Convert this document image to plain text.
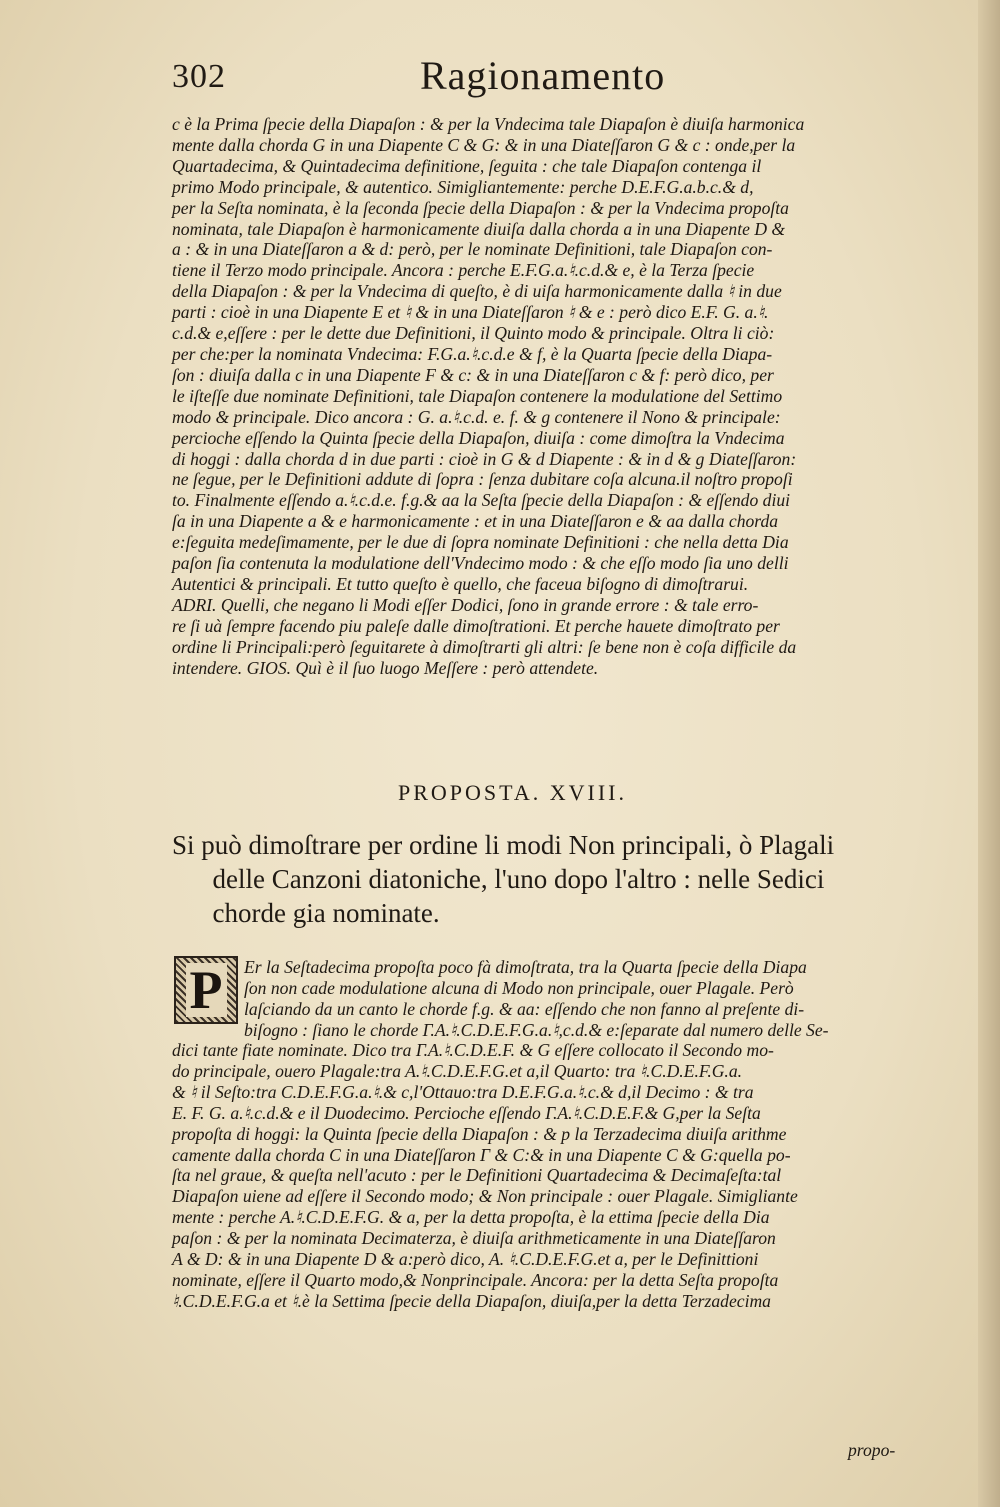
302	Ragionamento
c è la Prima ſpecie della Diapaſon : & per la Vndecima tale Diapaſon è diuiſa harmonica
mente dalla chorda G in una Diapente C & G: & in una Diateſſaron G & c : onde,per la
Quartadecima, & Quintadecima definitione, ſeguita : che tale Diapaſon contenga il
primo Modo principale, & autentico. Simigliantemente: perche D.E.F.G.a.b.c.& d,
per la Seſta nominata, è la ſeconda ſpecie della Diapaſon : & per la Vndecima propoſta
nominata, tale Diapaſon è harmonicamente diuiſa dalla chorda a in una Diapente D &
a : & in una Diateſſaron a & d: però, per le nominate Definitioni, tale Diapaſon con-
tiene il Terzo modo principale. Ancora : perche E.F.G.a.♮.c.d.& e, è la Terza ſpecie
della Diapaſon : & per la Vndecima di queſto, è di uiſa harmonicamente dalla ♮ in due
parti : cioè in una Diapente E et ♮ & in una Diateſſaron ♮ & e : però dico E.F. G. a.♮.
c.d.& e,eſſere : per le dette due Definitioni, il Quinto modo & principale. Oltra li ciò:
per che:per la nominata Vndecima: F.G.a.♮.c.d.e & f, è la Quarta ſpecie della Diapa-
ſon : diuiſa dalla c in una Diapente F & c: & in una Diateſſaron c & f: però dico, per
le iſteſſe due nominate Definitioni, tale Diapaſon contenere la modulatione del Settimo
modo & principale. Dico ancora : G. a.♮.c.d. e. f. & g contenere il Nono & principale:
percioche eſſendo la Quinta ſpecie della Diapaſon, diuiſa : come dimoſtra la Vndecima
di hoggi : dalla chorda d in due parti : cioè in G & d Diapente : & in d & g Diateſſaron:
ne ſegue, per le Definitioni addute di ſopra : ſenza dubitare coſa alcuna.il noſtro propoſi
to. Finalmente eſſendo a.♮.c.d.e. f.g.& aa la Seſta ſpecie della Diapaſon : & eſſendo diui
ſa in una Diapente a & e harmonicamente : et in una Diateſſaron e & aa dalla chorda
e:ſeguita medeſimamente, per le due di ſopra nominate Definitioni : che nella detta Dia
paſon ſia contenuta la modulatione dell'Vndecimo modo : & che eſſo modo ſia uno delli
Autentici & principali. Et tutto queſto è quello, che faceua biſogno di dimoſtrarui.
ADRI. Quelli, che negano li Modi eſſer Dodici, ſono in grande errore : & tale erro-
re ſi uà ſempre facendo piu paleſe dalle dimoſtrationi. Et perche hauete dimoſtrato per
ordine li Principali:però ſeguitarete à dimoſtrarti gli altri: ſe bene non è coſa difficile da
intendere. GIOS. Quì è il ſuo luogo Meſſere : però attendete.
PROPOSTA. XVIII.
Si può dimoſtrare per ordine li modi Non principali, ò Plagali
delle Canzoni diatoniche, l'uno dopo l'altro : nelle Sedici
chorde gia nominate.
P Er la Seſtadecima propoſta poco fà dimoſtrata, tra la Quarta ſpecie della Diapa
ſon non cade modulatione alcuna di Modo non principale, ouer Plagale. Però
laſciando da un canto le chorde f.g. & aa: eſſendo che non fanno al preſente di-
biſogno : ſiano le chorde Γ.A.♮.C.D.E.F.G.a.♮,c.d.& e:ſeparate dal numero delle Se-
dici tante fiate nominate. Dico tra Γ.A.♮.C.D.E.F. & G eſſere collocato il Secondo mo-
do principale, ouero Plagale:tra A.♮.C.D.E.F.G.et a,il Quarto: tra ♮.C.D.E.F.G.a.
& ♮ il Seſto:tra C.D.E.F.G.a.♮.& c,l'Ottauo:tra D.E.F.G.a.♮.c.& d,il Decimo : & tra
E. F. G. a.♮.c.d.& e il Duodecimo. Percioche eſſendo Γ.A.♮.C.D.E.F.& G,per la Seſta
propoſta di hoggi: la Quinta ſpecie della Diapaſon : & p la Terzadecima diuiſa arithme
camente dalla chorda C in una Diateſſaron Γ & C:& in una Diapente C & G:quella po-
ſta nel graue, & queſta nell'acuto : per le Definitioni Quartadecima & Decimaſeſta:tal
Diapaſon uiene ad eſſere il Secondo modo; & Non principale : ouer Plagale. Simigliante
mente : perche A.♮.C.D.E.F.G. & a, per la detta propoſta, è la ettima ſpecie della Dia
paſon : & per la nominata Decimaterza, è diuiſa arithmeticamente in una Diateſſaron
A & D: & in una Diapente D & a:però dico, A. ♮.C.D.E.F.G.et a, per le Definittioni
nominate, eſſere il Quarto modo,& Nonprincipale. Ancora: per la detta Seſta propoſta
♮.C.D.E.F.G.a et ♮.è la Settima ſpecie della Diapaſon, diuiſa,per la detta Terzadecima
propo-
